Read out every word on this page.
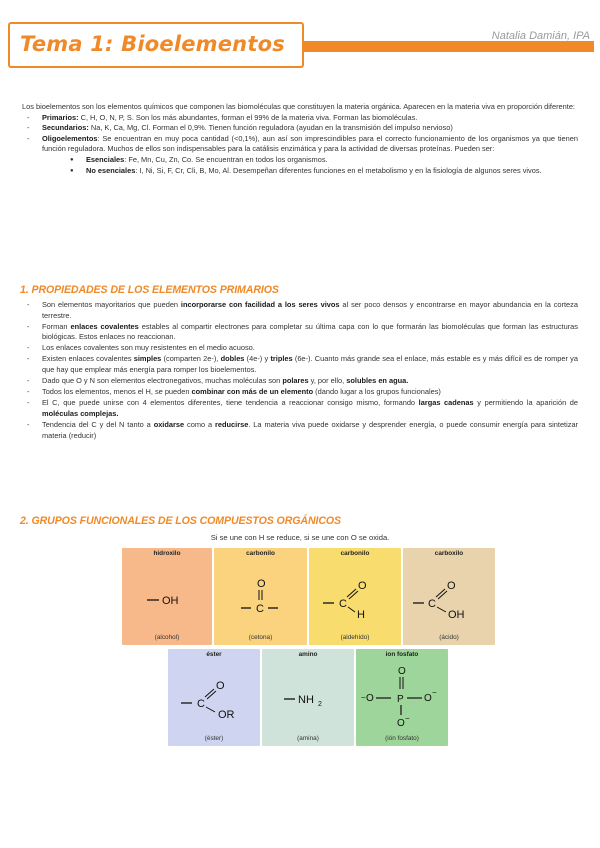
Tema 1: Bioelementos	Natalia Damián, IPA

Los bioelementos son los elementos químicos que componen las biomoléculas que constituyen la materia orgánica. Aparecen en la materia viva en proporción diferente:

- Primarios: C, H, O, N, P, S. Son los más abundantes, forman el 99% de la materia viva. Forman las biomoléculas.
- Secundarios: Na, K, Ca, Mg, Cl. Forman el 0,9%. Tienen función reguladora (ayudan en la transmisión del impulso nervioso)
- Oligoelementos: Se encuentran en muy poca cantidad (<0,1%), aun así son imprescindibles para el correcto funcionamiento de los organismos ya que tienen función reguladora. Muchos de ellos son indispensables para la catálisis enzimática y para la actividad de diversas proteínas. Pueden ser:
● Esenciales: Fe, Mn, Cu, Zn, Co. Se encuentran en todos los organismos.
● No esenciales: I, Ni, Si, F, Cr, Cli, B, Mo, Al. Desempeñan diferentes funciones en el metabolismo y en la fisiología de algunos seres vivos.
1. PROPIEDADES DE LOS ELEMENTOS PRIMARIOS
- Son elementos mayoritarios que pueden incorporarse con facilidad a los seres vivos al ser poco densos y encontrarse en mayor abundancia en la corteza terrestre.
- Forman enlaces covalentes estables al compartir electrones para completar su última capa con lo que formarán las biomoléculas que forman las estructuras biológicas. Estos enlaces no reaccionan.
- Los enlaces covalentes son muy resistentes en el medio acuoso.
- Existen enlaces covalentes simples (comparten 2e-), dobles (4e-) y triples (6e-). Cuanto más grande sea el enlace, más estable es y más difícil es de romper ya que hay que emplear más energía para romper los bioelementos.
- Dado que O y N son elementos electronegativos, muchas moléculas son polares y, por ello, solubles en agua.
- Todos los elementos, menos el H, se pueden combinar con más de un elemento (dando lugar a los grupos funcionales)
- El C, que puede unirse con 4 elementos diferentes, tiene tendencia a reaccionar consigo mismo, formando largas cadenas y permitiendo la aparición de moléculas complejas.
- Tendencia del C y del N tanto a oxidarse como a reducirse. La materia viva puede oxidarse y desprender energía, o puede consumir energía para sintetizar materia (reducir)
2. GRUPOS FUNCIONALES DE LOS COMPUESTOS ORGÁNICOS
Si se une con H se reduce, si se une con O se oxida.
OH
hidroxilo
(alcohol)
O
C
carbonilo
(cetona)
C
O
H
carbonilo
(aldehído)
C
O
OH
carboxilo
(ácido)
C
O
OR
éster
(éster)
NH 2
amino
(amina)
O
− O P O
−
O −
ion fosfato
(ión fosfato)
